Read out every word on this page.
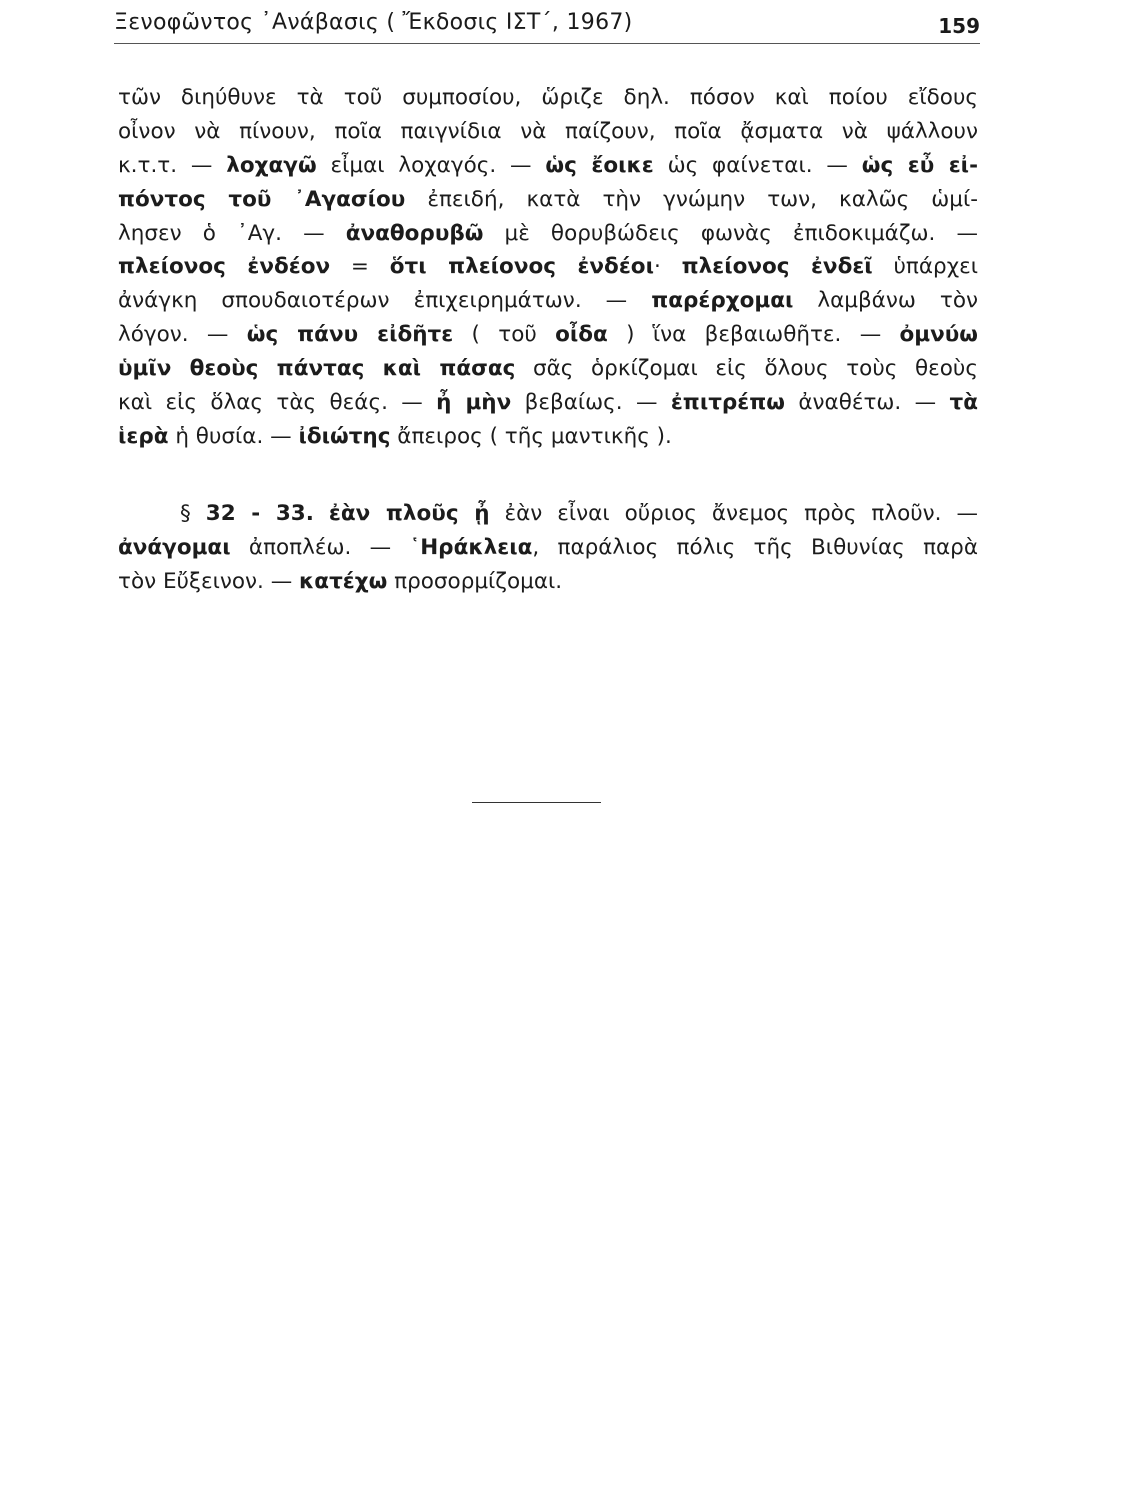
Ξενοφῶντος ᾿Ανάβασις ( Ἔκδοσις ΙΣΤ΄, 1967)	159
τῶν διηύθυνε τὰ τοῦ συμποσίου, ὥριζε δηλ. πόσον καὶ ποίου εἴδους
οἶνον νὰ πίνουν, ποῖα παιγνίδια νὰ παίζουν, ποῖα ᾄσματα νὰ ψάλλουν
κ.τ.τ. — λοχαγῶ εἶμαι λοχαγός. — ὡς ἔοικε ὡς φαίνεται. — ὡς εὖ εἰ-
πόντος τοῦ ᾿Αγασίου ἐπειδή, κατὰ τὴν γνώμην των, καλῶς ὡμί-
λησεν ὁ ᾿Αγ. — ἀναθορυβῶ μὲ θορυβώδεις φωνὰς ἐπιδοκιμάζω. —
πλείονος ἐνδέον = ὅτι πλείονος ἐνδέοι· πλείονος ἐνδεῖ ὑπάρχει
ἀνάγκη σπουδαιοτέρων ἐπιχειρημάτων. — παρέρχομαι λαμβάνω τὸν
λόγον. — ὡς πάνυ εἰδῆτε ( τοῦ οἶδα ) ἵνα βεβαιωθῆτε. — ὀμνύω
ὑμῖν θεοὺς πάντας καὶ πάσας σᾶς ὁρκίζομαι εἰς ὅλους τοὺς θεοὺς
καὶ εἰς ὅλας τὰς θεάς. — ἦ μὴν βεβαίως. — ἐπιτρέπω ἀναθέτω. — τὰ
ἱερὰ ἡ θυσία. — ἰδιώτης ἄπειρος ( τῆς μαντικῆς ).
§ 32 - 33. ἐὰν πλοῦς ᾖ ἐὰν εἶναι οὔριος ἄνεμος πρὸς πλοῦν. —
ἀνάγομαι ἀποπλέω. — ῾Ηράκλεια, παράλιος πόλις τῆς Βιθυνίας παρὰ
τὸν Εὔξεινον. — κατέχω προσορμίζομαι.
